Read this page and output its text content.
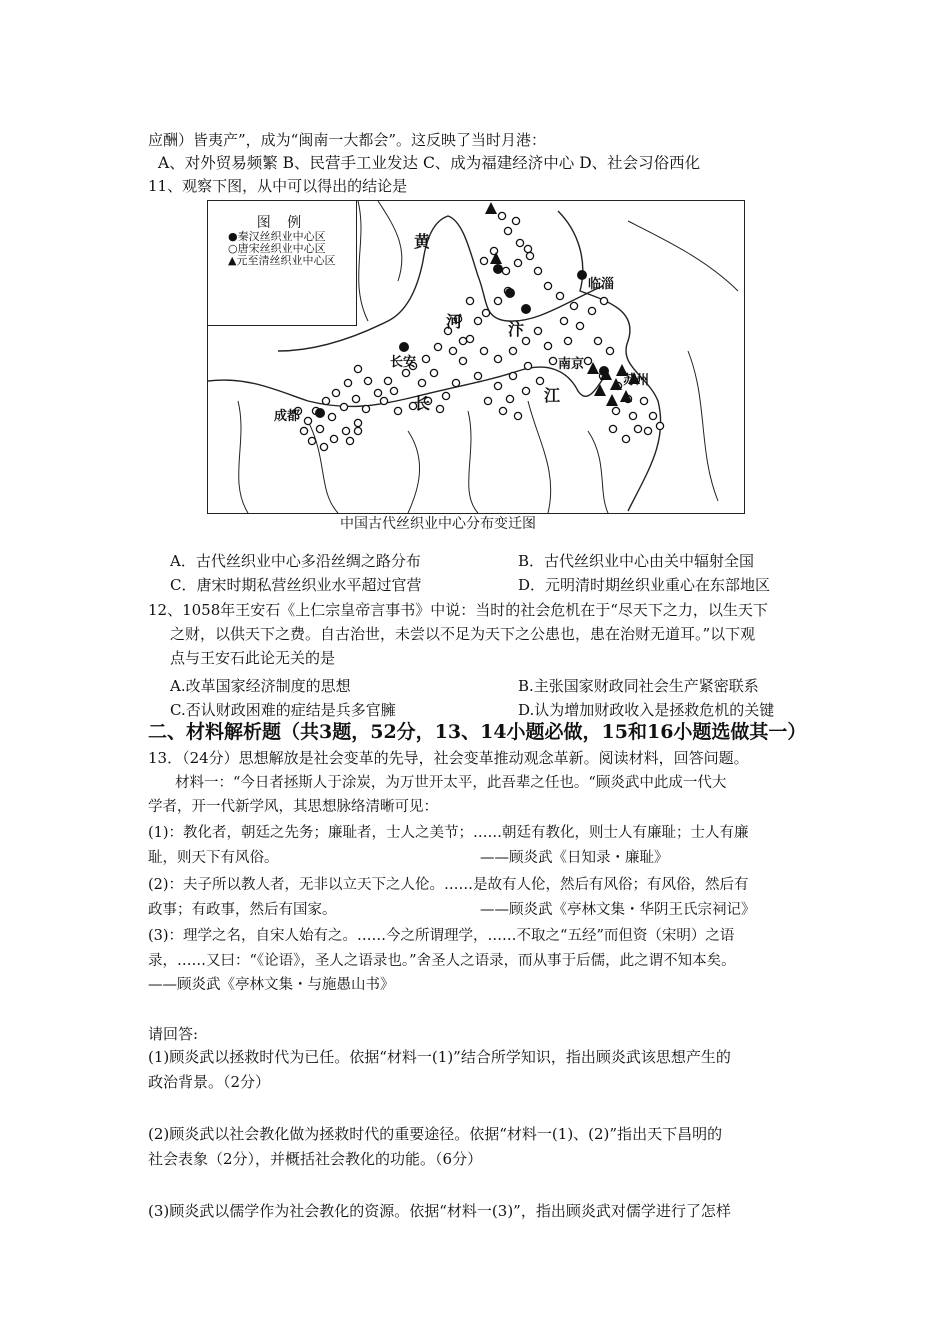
应酬）皆夷产”，成为“闽南一大都会”。这反映了当时月港：
A、对外贸易频繁 B、民营手工业发达 C、成为福建经济中心 D、社会习俗西化
11、观察下图，从中可以得出的结论是
图 例
●秦汉丝织业中心区
○唐宋丝织业中心区
▲元至清丝织业中心区
黄
河
临淄
汴
长安	南京
苏州
成都
长	江
中国古代丝织业中心分布变迁图
A．古代丝织业中心多沿丝绸之路分布	B．古代丝织业中心由关中辐射全国
C．唐宋时期私营丝织业水平超过官营	D．元明清时期丝织业重心在东部地区
12、1058年王安石《上仁宗皇帝言事书》中说：当时的社会危机在于“尽天下之力，以生天下
之财，以供天下之费。自古治世，未尝以不足为天下之公患也，患在治财无道耳。”以下观
点与王安石此论无关的是
A.改革国家经济制度的思想	B.主张国家财政同社会生产紧密联系
C.否认财政困难的症结是兵多官臃	D.认为增加财政收入是拯救危机的关键
二、材料解析题（共3题，52分，13、14小题必做，15和16小题选做其一）
13．（24分）思想解放是社会变革的先导，社会变革推动观念革新。阅读材料，回答问题。
材料一：“今日者拯斯人于涂炭，为万世开太平，此吾辈之任也。“顾炎武中此成一代大
学者，开一代新学风，其思想脉络清晰可见：
(1)：教化者，朝廷之先务；廉耻者，士人之美节；……朝廷有教化，则士人有廉耻；士人有廉
耻，则天下有风俗。	——顾炎武《日知录・廉耻》
(2)：夫子所以教人者，无非以立天下之人伦。……是故有人伦，然后有风俗；有风俗，然后有
政事；有政事，然后有国家。	——顾炎武《亭林文集・华阴王氏宗祠记》
(3)：理学之名，自宋人始有之。……今之所谓理学，……不取之“五经”而但资（宋明）之语
录，……又曰：“《论语》，圣人之语录也。”舍圣人之语录，而从事于后儒，此之谓不知本矣。
——顾炎武《亭林文集・与施愚山书》
请回答:
(1)顾炎武以拯救时代为已任。依据“材料一(1)”结合所学知识，指出顾炎武该思想产生的
政治背景。（2分）
(2)顾炎武以社会教化做为拯救时代的重要途径。依据“材料一(1)、(2)”指出天下昌明的
社会表象（2分），并概括社会教化的功能。（6分）
(3)顾炎武以儒学作为社会教化的资源。依据“材料一(3)”，指出顾炎武对儒学进行了怎样
